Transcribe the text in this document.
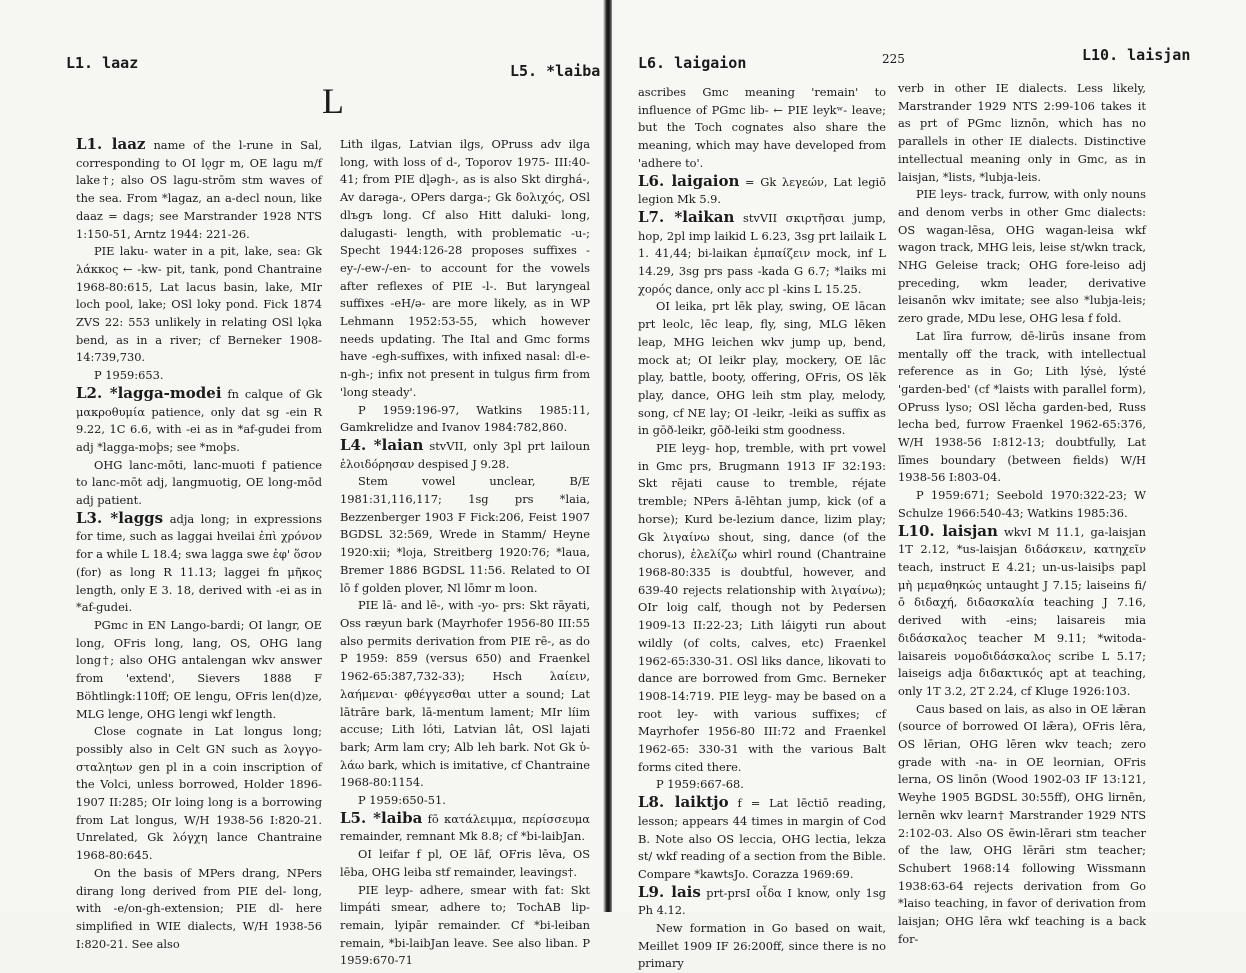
L1. laaz	L5. *laiba
L

L1. laaz name of the l-rune in Sal, corresponding to OI lǫgr m, OE lagu m/f lake†; also OS lagu-strōm stm waves of the sea. From *lagaz, an a-decl noun, like daaz = dags; see Marstrander 1928 NTS 1:150-51, Arntz 1944: 221-26.

PIE laku- water in a pit, lake, sea: Gk λάκκος ← -kw- pit, tank, pond Chantraine 1968-80:615, Lat lacus basin, lake, MIr loch pool, lake; OSl loky pond. Fick 1874 ZVS 22: 553 unlikely in relating OSl lǫka bend, as in a river; cf Berneker 1908-14:739,730.

P 1959:653.

L2. *lagga-modei fn calque of Gk μακροθυμία patience, only dat sg -ein R 9.22, 1C 6.6, with -ei as in *af-gudei from adj *lagga-moþs; see *moþs.

OHG lanc-mōti, lanc-muoti f patience to lanc-mōt adj, langmuotig, OE long-mōd adj patient.

L3. *laggs adja long; in expressions for time, such as laggai hveilai ἐπὶ χρόνον for a while L 18.4; swa lagga swe ἐφ' ὅσον (for) as long R 11.13; laggei fn μῆκος length, only E 3. 18, derived with -ei as in *af-gudei.

PGmc in EN Lango-bardi; OI langr, OE long, OFris long, lang, OS, OHG lang long†; also OHG antalengan wkv answer from 'extend', Sievers 1888 F Böhtlingk:110ff; OE lengu, OFris len(d)ze, MLG lenge, OHG lengi wkf length.

Close cognate in Lat longus long; possibly also in Celt GN such as λογγο-σταληtων gen pl in a coin inscription of the Volci, unless borrowed, Holder 1896-1907 II:285; OIr loing long is a borrowing from Lat longus, W/H 1938-56 I:820-21. Unrelated, Gk λόγχη lance Chantraine 1968-80:645.

On the basis of MPers drang, NPers dirang long derived from PIE del- long, with -e/on-gh-extension; PIE dl- here simplified in WIE dialects, W/H 1938-56 I:820-21. See also

Lith ilgas, Latvian ilgs, OPruss adv ilga long, with loss of d-, Toporov 1975- III:40-41; from PIE dl̥ǝgh-, as is also Skt dirghá-, Av darəga-, OPers darga-; Gk δολιχός, OSl dlъgъ long. Cf also Hitt daluki- long, dalugasti- length, with problematic -u-; Specht 1944:126-28 proposes suffixes -ey-/-ew-/-en- to account for the vowels after reflexes of PIE -l-. But laryngeal suffixes -eH/ǝ- are more likely, as in WP Lehmann 1952:53-55, which however needs updating. The Ital and Gmc forms have -egh-suffixes, with infixed nasal: dl-e-n-gh-; infix not present in tulgus firm from 'long steady'.

P 1959:196-97, Watkins 1985:11, Gamkrelidze and Ivanov 1984:782,860.

L4. *laian stvVII, only 3pl prt lailoun ἐλοιδόρησαν despised J 9.28.

Stem vowel unclear, B/E 1981:31,116,117; 1sg prs *laia, Bezzenberger 1903 F Fick:206, Feist 1907 BGDSL 32:569, Wrede in Stamm/ Heyne 1920:xii; *loja, Streitberg 1920:76; *laua, Bremer 1886 BGDSL 11:56. Related to OI lō f golden plover, Nl lōmr m loon.

PIE lā- and lē-, with -yo- prs: Skt rāyati, Oss ræyun bark (Mayrhofer 1956-80 III:55 also permits derivation from PIE rē-, as do P 1959: 859 (versus 650) and Fraenkel 1962-65:387,732-33); Hsch λαίειν, λαήμεναι· φθέγγεσθαι utter a sound; Lat lātrāre bark, lā-mentum lament; MIr líim accuse; Lith lóti, Latvian lât, OSl lajati bark; Arm lam cry; Alb leh bark. Not Gk ὑ-λάω bark, which is imitative, cf Chantraine 1968-80:1154.

P 1959:650-51.

L5. *laiba fō κατάλειμμα, περίσσευμα remainder, remnant Mk 8.8; cf *bi-laibJan.

OI leifar f pl, OE lāf, OFris lēva, OS lēba, OHG leiba stf remainder, leavings†.

PIE leyp- adhere, smear with fat: Skt limpáti smear, adhere to; TochAB lip- remain, lyipār remainder. Cf *bi-leiban remain, *bi-laibJan leave. See also liban. P 1959:670-71

L6. laigaion	225	L10. laisjan

ascribes Gmc meaning 'remain' to influence of PGmc lib- ← PIE leykʷ- leave; but the Toch cognates also share the meaning, which may have developed from 'adhere to'.

L6. laigaion = Gk λεγεών, Lat legiō legion Mk 5.9.

L7. *laikan stvVII σκιρτῆσαι jump, hop, 2pl imp laikid L 6.23, 3sg prt lailaik L 1. 41,44; bi-laikan ἐμπαίζειν mock, inf L 14.29, 3sg prs pass -kada G 6.7; *laiks mi χορός dance, only acc pl -kins L 15.25.

OI leika, prt lēk play, swing, OE lācan prt leolc, lēc leap, fly, sing, MLG lēken leap, MHG leichen wkv jump up, bend, mock at; OI leikr play, mockery, OE lāc play, battle, booty, offering, OFris, OS lēk play, dance, OHG leih stm play, melody, song, cf NE lay; OI -leikr, -leiki as suffix as in gōð-leikr, gōð-leiki stm goodness.

PIE leyg- hop, tremble, with prt vowel in Gmc prs, Brugmann 1913 IF 32:193: Skt rējati cause to tremble, réjate tremble; NPers ā-lēhtan jump, kick (of a horse); Kurd be-lezium dance, lizim play; Gk λιγαίνω shout, sing, dance (of the chorus), ἐλελίζω whirl round (Chantraine 1968-80:335 is doubtful, however, and 639-40 rejects relationship with λιγαίνω); OIr loig calf, though not by Pedersen 1909-13 II:22-23; Lith láigyti run about wildly (of colts, calves, etc) Fraenkel 1962-65:330-31. OSl liks dance, likovati to dance are borrowed from Gmc. Berneker 1908-14:719. PIE leyg- may be based on a root ley- with various suffixes; cf Mayrhofer 1956-80 III:72 and Fraenkel 1962-65: 330-31 with the various Balt forms cited there.

P 1959:667-68.

L8. laiktjo f = Lat lēctiō reading, lesson; appears 44 times in margin of Cod B. Note also OS leccia, OHG lectia, lekza st/ wkf reading of a section from the Bible. Compare *kawtsJo. Corazza 1969:69.

L9. lais prt-prsI οἶδα I know, only 1sg Ph 4.12.

New formation in Go based on wait, Meillet 1909 IF 26:200ff, since there is no primary

verb in other IE dialects. Less likely, Marstrander 1929 NTS 2:99-106 takes it as prt of PGmc liznōn, which has no parallels in other IE dialects. Distinctive intellectual meaning only in Gmc, as in laisjan, *lists, *lubja-leis.

PIE leys- track, furrow, with only nouns and denom verbs in other Gmc dialects: OS wagan-lēsa, OHG wagan-leisa wkf wagon track, MHG leis, leise st/wkn track, NHG Geleise track; OHG fore-leiso adj preceding, wkm leader, derivative leisanōn wkv imitate; see also *lubja-leis; zero grade, MDu lese, OHG lesa f fold.

Lat līra furrow, dē-lirūs insane from mentally off the track, with intellectual reference as in Go; Lith lýsė, lýsté 'garden-bed' (cf *laists with parallel form), OPruss lyso; OSl lěcha garden-bed, Russ lecha bed, furrow Fraenkel 1962-65:376, W/H 1938-56 I:812-13; doubtfully, Lat līmes boundary (between fields) W/H 1938-56 I:803-04.

P 1959:671; Seebold 1970:322-23; W Schulze 1966:540-43; Watkins 1985:36.

L10. laisjan wkvI M 11.1, ga-laisjan 1T 2.12, *us-laisjan διδάσκειν, κατηχεῖν teach, instruct E 4.21; un-us-laisiþs papl μὴ μεμαθηκώς untaught J 7.15; laiseins fi/ō διδαχή, διδασκαλία teaching J 7.16, derived with -eins; laisareis mia διδάσκαλος teacher M 9.11; *witoda-laisareis νομοδιδάσκαλος scribe L 5.17; laiseigs adja διδακτικός apt at teaching, only 1T 3.2, 2T 2.24, cf Kluge 1926:103.

Caus based on lais, as also in OE lǣran (source of borrowed OI lǣra), OFris lēra, OS lērian, OHG lēren wkv teach; zero grade with -na- in OE leornian, OFris lerna, OS linōn (Wood 1902-03 IF 13:121, Weyhe 1905 BGDSL 30:55ff), OHG lirnēn, lernēn wkv learn† Marstrander 1929 NTS 2:102-03. Also OS ēwin-lērari stm teacher of the law, OHG lērāri stm teacher; Schubert 1968:14 following Wissmann 1938:63-64 rejects derivation from Go *laiso teaching, in favor of derivation from laisjan; OHG lēra wkf teaching is a back for-
